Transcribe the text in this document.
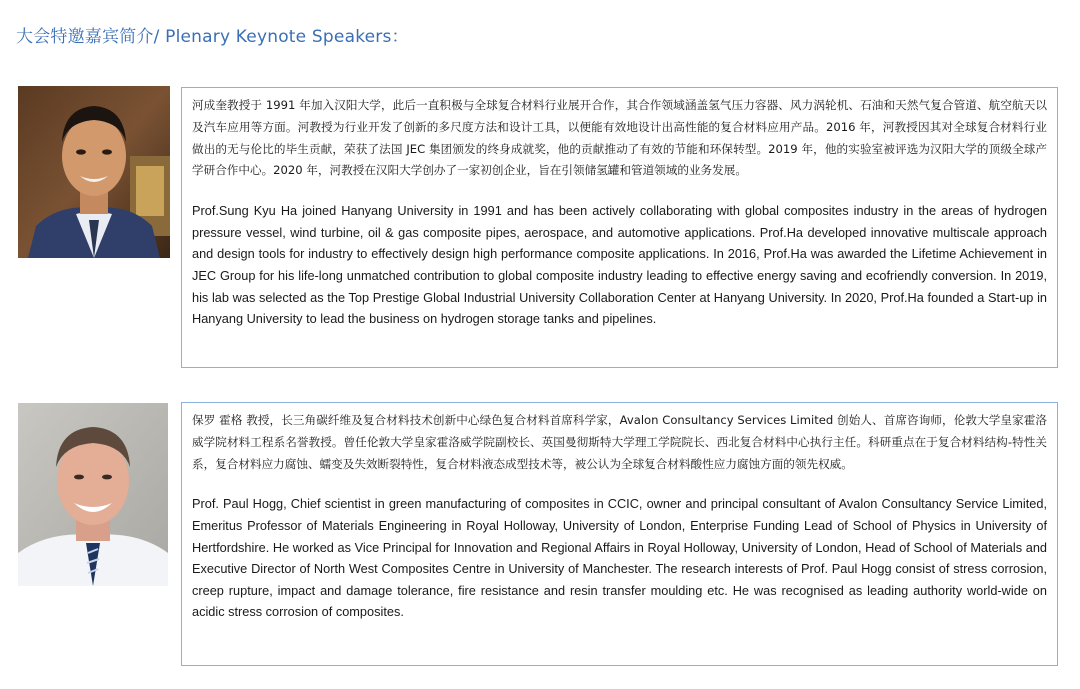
大会特邀嘉宾简介/ Plenary Keynote Speakers：

河成奎教授于 1991 年加入汉阳大学，此后一直积极与全球复合材料行业展开合作，其合作领域涵盖氢气压力容器、风力涡轮机、石油和天然气复合管道、航空航天以及汽车应用等方面。河教授为行业开发了创新的多尺度方法和设计工具，以便能有效地设计出高性能的复合材料应用产品。2016 年，河教授因其对全球复合材料行业做出的无与伦比的毕生贡献，荣获了法国 JEC 集团颁发的终身成就奖，他的贡献推动了有效的节能和环保转型。2019 年，他的实验室被评选为汉阳大学的顶级全球产学研合作中心。2020 年，河教授在汉阳大学创办了一家初创企业，旨在引领储氢罐和管道领域的业务发展。

Prof.Sung Kyu Ha joined Hanyang University in 1991 and has been actively collaborating with global composites industry in the areas of hydrogen pressure vessel, wind turbine, oil & gas composite pipes, aerospace, and automotive applications. Prof.Ha developed innovative multiscale approach and design tools for industry to effectively design high performance composite applications. In 2016, Prof.Ha was awarded the Lifetime Achievement in JEC Group for his life-long unmatched contribution to global composite industry leading to effective energy saving and ecofriendly conversion. In 2019, his lab was selected as the Top Prestige Global Industrial University Collaboration Center at Hanyang University. In 2020, Prof.Ha founded a Start-up in Hanyang University to lead the business on hydrogen storage tanks and pipelines.

保罗 霍格 教授，长三角碳纤维及复合材料技术创新中心绿色复合材料首席科学家，Avalon Consultancy Services Limited 创始人、首席咨询师，伦敦大学皇家霍洛威学院材料工程系名誉教授。曾任伦敦大学皇家霍洛威学院副校长、英国曼彻斯特大学理工学院院长、西北复合材料中心执行主任。科研重点在于复合材料结构-特性关系，复合材料应力腐蚀、蠕变及失效断裂特性，复合材料液态成型技术等，被公认为全球复合材料酸性应力腐蚀方面的领先权威。

Prof. Paul Hogg, Chief scientist in green manufacturing of composites in CCIC, owner and principal consultant of Avalon Consultancy Service Limited, Emeritus Professor of Materials Engineering in Royal Holloway, University of London, Enterprise Funding Lead of School of Physics in University of Hertfordshire. He worked as Vice Principal for Innovation and Regional Affairs in Royal Holloway, University of London, Head of School of Materials and Executive Director of North West Composites Centre in University of Manchester. The research interests of Prof. Paul Hogg consist of stress corrosion, creep rupture, impact and damage tolerance, fire resistance and resin transfer moulding etc. He was recognised as leading authority world-wide on acidic stress corrosion of composites.
